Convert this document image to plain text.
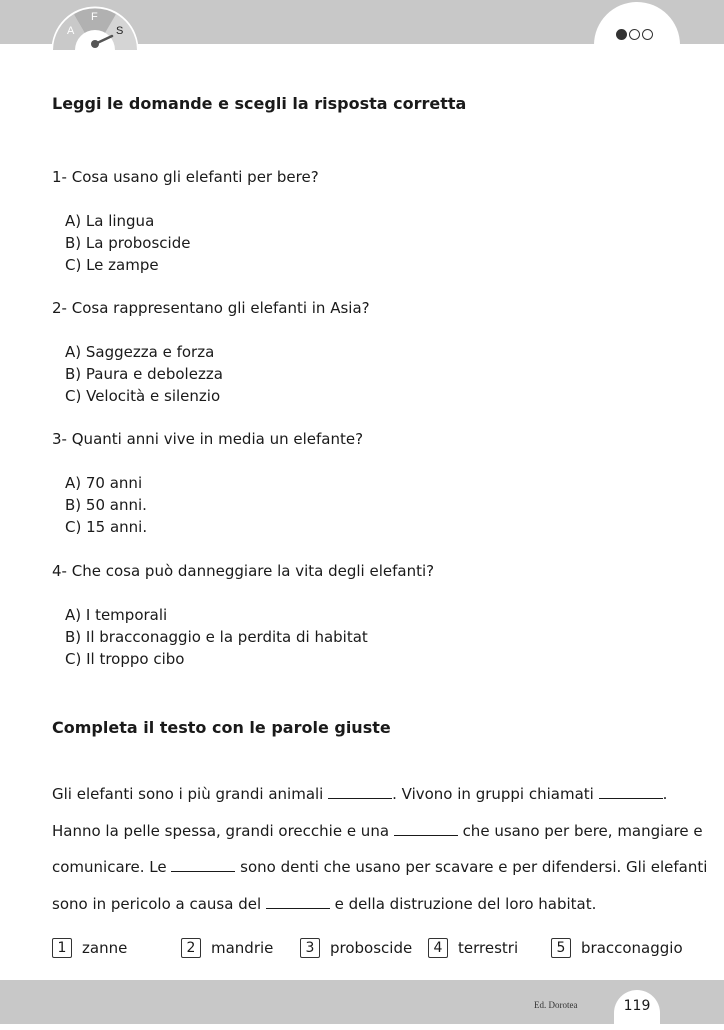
A
F
S
Leggi le domande e scegli la risposta corretta
1- Cosa usano gli elefanti per bere?
A) La lingua
B) La proboscide
C) Le zampe
2- Cosa rappresentano gli elefanti in Asia?
A) Saggezza e forza
B) Paura e debolezza
C) Velocità e silenzio
3- Quanti anni vive in media un elefante?
A) 70 anni
B) 50 anni.
C) 15 anni.
4- Che cosa può danneggiare la vita degli elefanti?
A) I temporali
B) Il bracconaggio e la perdita di habitat
C) Il troppo cibo
Completa il testo con le parole giuste
Gli elefanti sono i più grandi animali	. Vivono in gruppi chiamati	.
Hanno la pelle spessa, grandi orecchie e una	che usano per bere, mangiare e
comunicare. Le	sono denti che usano per scavare e per difendersi. Gli elefanti
sono in pericolo a causa del	e della distruzione del loro habitat.
1	zanne	2	mandrie	3	proboscide	4	terrestri	5	bracconaggio
Ed. Dorotea	119
